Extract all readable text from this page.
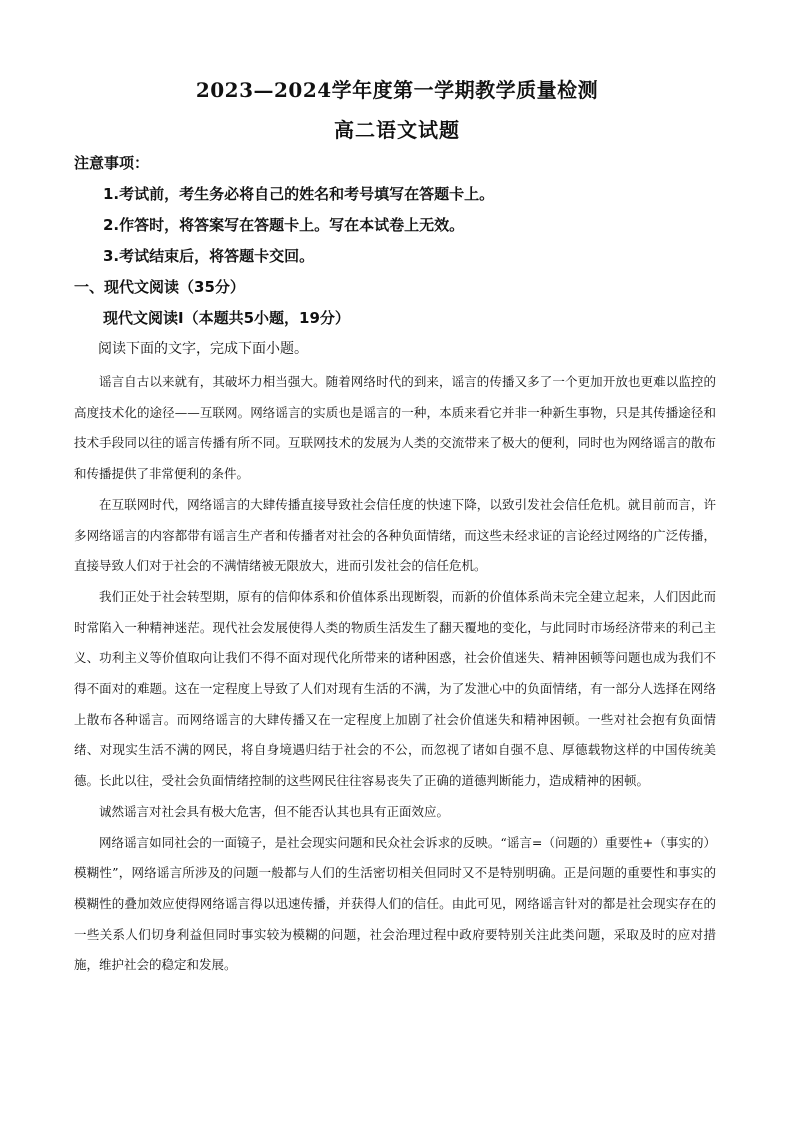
2023—2024学年度第一学期教学质量检测
高二语文试题
注意事项：
1.考试前，考生务必将自己的姓名和考号填写在答题卡上。
2.作答时，将答案写在答题卡上。写在本试卷上无效。
3.考试结束后，将答题卡交回。
一、现代文阅读（35分）
现代文阅读Ⅰ（本题共5小题，19分）
阅读下面的文字，完成下面小题。

谣言自古以来就有，其破坏力相当强大。随着网络时代的到来，谣言的传播又多了一个更加开放也更难以监控的高度技术化的途径——互联网。网络谣言的实质也是谣言的一种，本质来看它并非一种新生事物，只是其传播途径和技术手段同以往的谣言传播有所不同。互联网技术的发展为人类的交流带来了极大的便利，同时也为网络谣言的散布和传播提供了非常便利的条件。

在互联网时代，网络谣言的大肆传播直接导致社会信任度的快速下降，以致引发社会信任危机。就目前而言，许多网络谣言的内容都带有谣言生产者和传播者对社会的各种负面情绪，而这些未经求证的言论经过网络的广泛传播，直接导致人们对于社会的不满情绪被无限放大，进而引发社会的信任危机。

我们正处于社会转型期，原有的信仰体系和价值体系出现断裂，而新的价值体系尚未完全建立起来，人们因此而时常陷入一种精神迷茫。现代社会发展使得人类的物质生活发生了翻天覆地的变化，与此同时市场经济带来的利己主义、功利主义等价值取向让我们不得不面对现代化所带来的诸种困惑，社会价值迷失、精神困顿等问题也成为我们不得不面对的难题。这在一定程度上导致了人们对现有生活的不满，为了发泄心中的负面情绪，有一部分人选择在网络上散布各种谣言。而网络谣言的大肆传播又在一定程度上加剧了社会价值迷失和精神困顿。一些对社会抱有负面情绪、对现实生活不满的网民，将自身境遇归结于社会的不公，而忽视了诸如自强不息、厚德载物这样的中国传统美德。长此以往，受社会负面情绪控制的这些网民往往容易丧失了正确的道德判断能力，造成精神的困顿。

诚然谣言对社会具有极大危害，但不能否认其也具有正面效应。

网络谣言如同社会的一面镜子，是社会现实问题和民众社会诉求的反映。“谣言=（问题的）重要性+（事实的）模糊性”，网络谣言所涉及的问题一般都与人们的生活密切相关但同时又不是特别明确。正是问题的重要性和事实的模糊性的叠加效应使得网络谣言得以迅速传播，并获得人们的信任。由此可见，网络谣言针对的都是社会现实存在的一些关系人们切身利益但同时事实较为模糊的问题，社会治理过程中政府要特别关注此类问题，采取及时的应对措施，维护社会的稳定和发展。
